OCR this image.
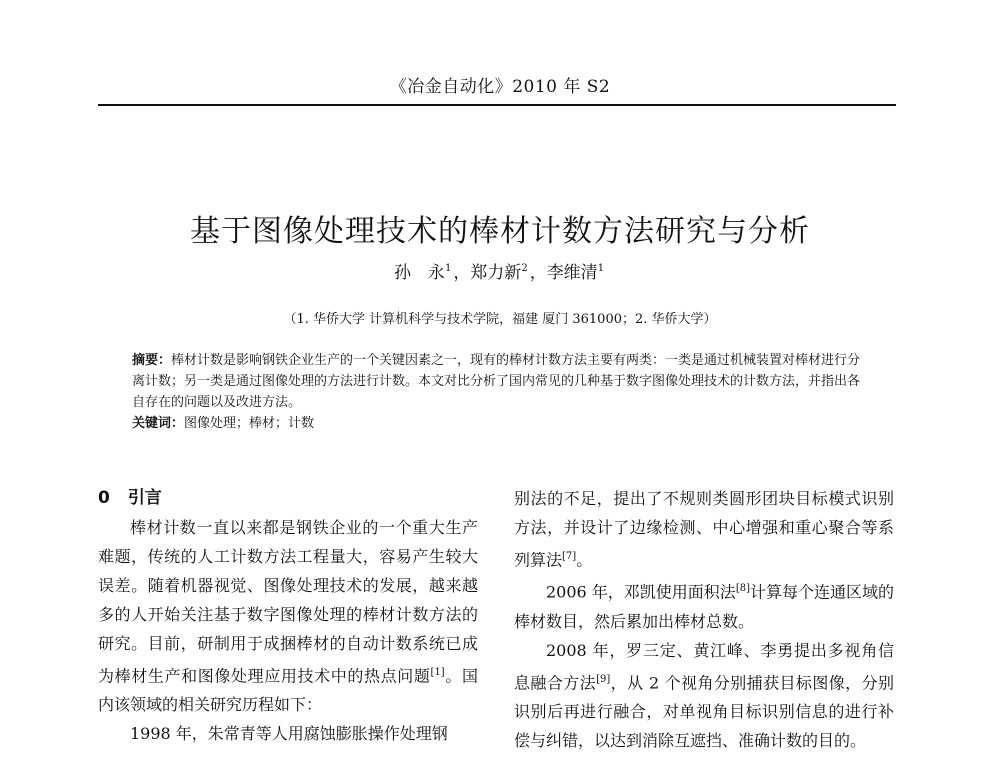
《冶金自动化》2010 年 S2
基于图像处理技术的棒材计数方法研究与分析
孙　永$^1$ ，郑力新$^2$ ，李维清$^1$
（1. 华侨大学 计算机科学与技术学院，福建 厦门 361000；2. 华侨大学）

摘要：棒材计数是影响钢铁企业生产的一个关键因素之一，现有的棒材计数方法主要有两类：一类是通过机械装置对棒材进行分离计数；另一类是通过图像处理的方法进行计数。本文对比分析了国内常见的几种基于数字图像处理技术的计数方法，并指出各自存在的问题以及改进方法。

关键词：图像处理；棒材；计数

0 引言

棒材计数一直以来都是钢铁企业的一个重大生产难题，传统的人工计数方法工程量大，容易产生较大误差。随着机器视觉、图像处理技术的发展，越来越多的人开始关注基于数字图像处理的棒材计数方法的研究。目前，研制用于成捆棒材的自动计数系统已成为棒材生产和图像处理应用技术中的热点问题[1]。国内该领域的相关研究历程如下：

1998 年，朱常青等人用腐蚀膨胀操作处理钢

别法的不足，提出了不规则类圆形团块目标模式识别方法，并设计了边缘检测、中心增强和重心聚合等系列算法[7]。

2006 年，邓凯使用面积法[8]计算每个连通区域的棒材数目，然后累加出棒材总数。

2008 年，罗三定、黄江峰、李勇提出多视角信息融合方法[9]，从 2 个视角分别捕获目标图像，分别识别后再进行融合，对单视角目标识别信息的进行补偿与纠错，以达到消除互遮挡、准确计数的目的。
